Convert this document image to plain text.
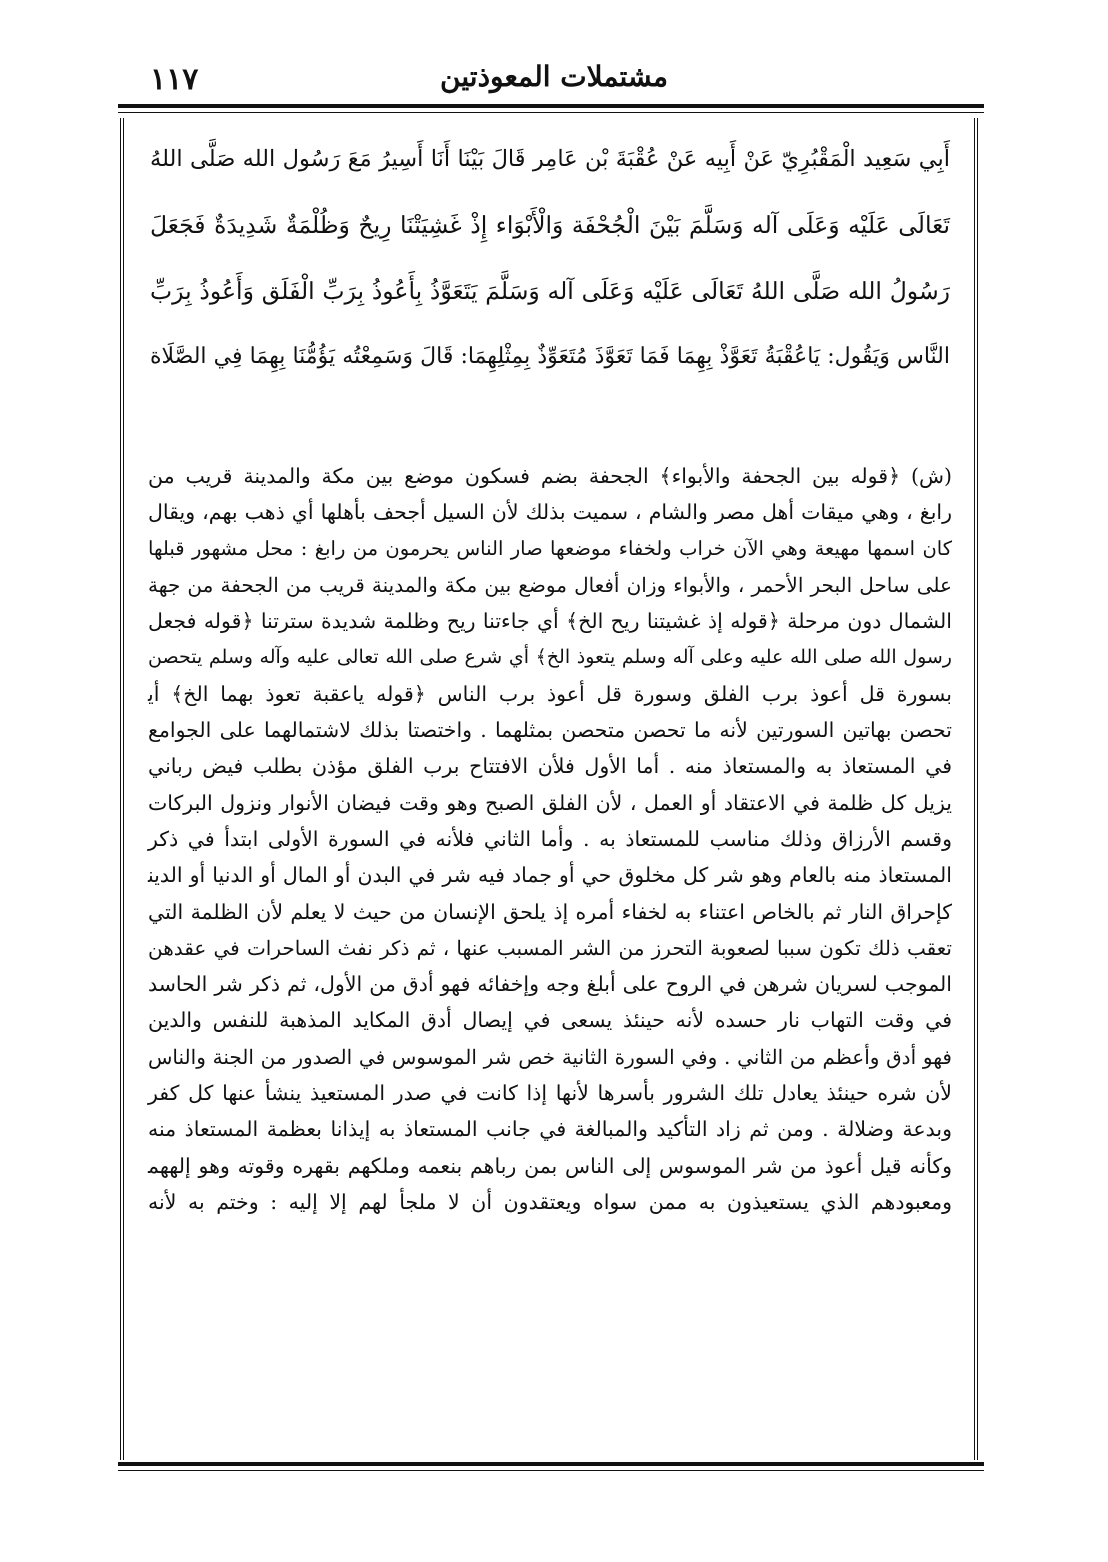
١١٧	مشتملات المعوذتين
أَبِي سَعِيد الْمَقْبُرِيّ عَنْ أَبِيه عَنْ عُقْبَةَ بْن عَامِر قَالَ بَيْنَا أَنَا أَسِيرُ مَعَ رَسُول الله صَلَّى اللهُ
تَعَالَى عَلَيْه وَعَلَى آله وَسَلَّمَ بَيْنَ الْجُحْفَة وَالْأَبْوَاء إِذْ غَشِيَتْنَا رِيحٌ وَظُلْمَةٌ شَدِيدَةٌ فَجَعَلَ
رَسُولُ الله صَلَّى اللهُ تَعَالَى عَلَيْه وَعَلَى آله وَسَلَّمَ يَتَعَوَّذُ بِأَعُوذُ بِرَبِّ الْفَلَق وَأَعُوذُ بِرَبِّ
النَّاس وَيَقُول: يَاعُقْبَةُ تَعَوَّذْ بِهِمَا فَمَا تَعَوَّذَ مُتَعَوِّذٌ بِمِثْلِهِمَا: قَالَ وَسَمِعْتُه يَؤُمُّنَا بِهِمَا فِي الصَّلَاة
(ش) ﴿قوله بين الجحفة والأبواء﴾ الجحفة بضم فسكون موضع بين مكة والمدينة قريب من
رابغ ، وهي ميقات أهل مصر والشام ، سميت بذلك لأن السيل أجحف بأهلها أي ذهب بهم، ويقال
كان اسمها مهيعة وهي الآن خراب ولخفاء موضعها صار الناس يحرمون من رابغ : محل مشهور قبلها
على ساحل البحر الأحمر ، والأبواء وزان أفعال موضع بين مكة والمدينة قريب من الجحفة من جهة
الشمال دون مرحلة ﴿قوله إذ غشيتنا ريح الخ﴾ أي جاءتنا ريح وظلمة شديدة سترتنا ﴿قوله فجعل
رسول الله صلى الله عليه وعلى آله وسلم يتعوذ الخ﴾ أي شرع صلى الله تعالى عليه وآله وسلم يتحصن
بسورة قل أعوذ برب الفلق وسورة قل أعوذ برب الناس ﴿قوله ياعقبة تعوذ بهما الخ﴾ أي
تحصن بهاتين السورتين لأنه ما تحصن متحصن بمثلهما . واختصتا بذلك لاشتمالهما على الجوامع
في المستعاذ به والمستعاذ منه . أما الأول فلأن الافتتاح برب الفلق مؤذن بطلب فيض رباني
يزيل كل ظلمة في الاعتقاد أو العمل ، لأن الفلق الصبح وهو وقت فيضان الأنوار ونزول البركات
وقسم الأرزاق وذلك مناسب للمستعاذ به . وأما الثاني فلأنه في السورة الأولى ابتدأ في ذكر
المستعاذ منه بالعام وهو شر كل مخلوق حي أو جماد فيه شر في البدن أو المال أو الدنيا أو الدين
كإحراق النار ثم بالخاص اعتناء به لخفاء أمره إذ يلحق الإنسان من حيث لا يعلم لأن الظلمة التي
تعقب ذلك تكون سببا لصعوبة التحرز من الشر المسبب عنها ، ثم ذكر نفث الساحرات في عقدهن
الموجب لسريان شرهن في الروح على أبلغ وجه وإخفائه فهو أدق من الأول، ثم ذكر شر الحاسد
في وقت التهاب نار حسده لأنه حينئذ يسعى في إيصال أدق المكايد المذهبة للنفس والدين
فهو أدق وأعظم من الثاني . وفي السورة الثانية خص شر الموسوس في الصدور من الجنة والناس
لأن شره حينئذ يعادل تلك الشرور بأسرها لأنها إذا كانت في صدر المستعيذ ينشأ عنها كل كفر
وبدعة وضلالة . ومن ثم زاد التأكيد والمبالغة في جانب المستعاذ به إيذانا بعظمة المستعاذ منه
وكأنه قيل أعوذ من شر الموسوس إلى الناس بمن رباهم بنعمه وملكهم بقهره وقوته وهو إلههم
ومعبودهم الذي يستعيذون به ممن سواه ويعتقدون أن لا ملجأ لهم إلا إليه : وختم به لأنه
